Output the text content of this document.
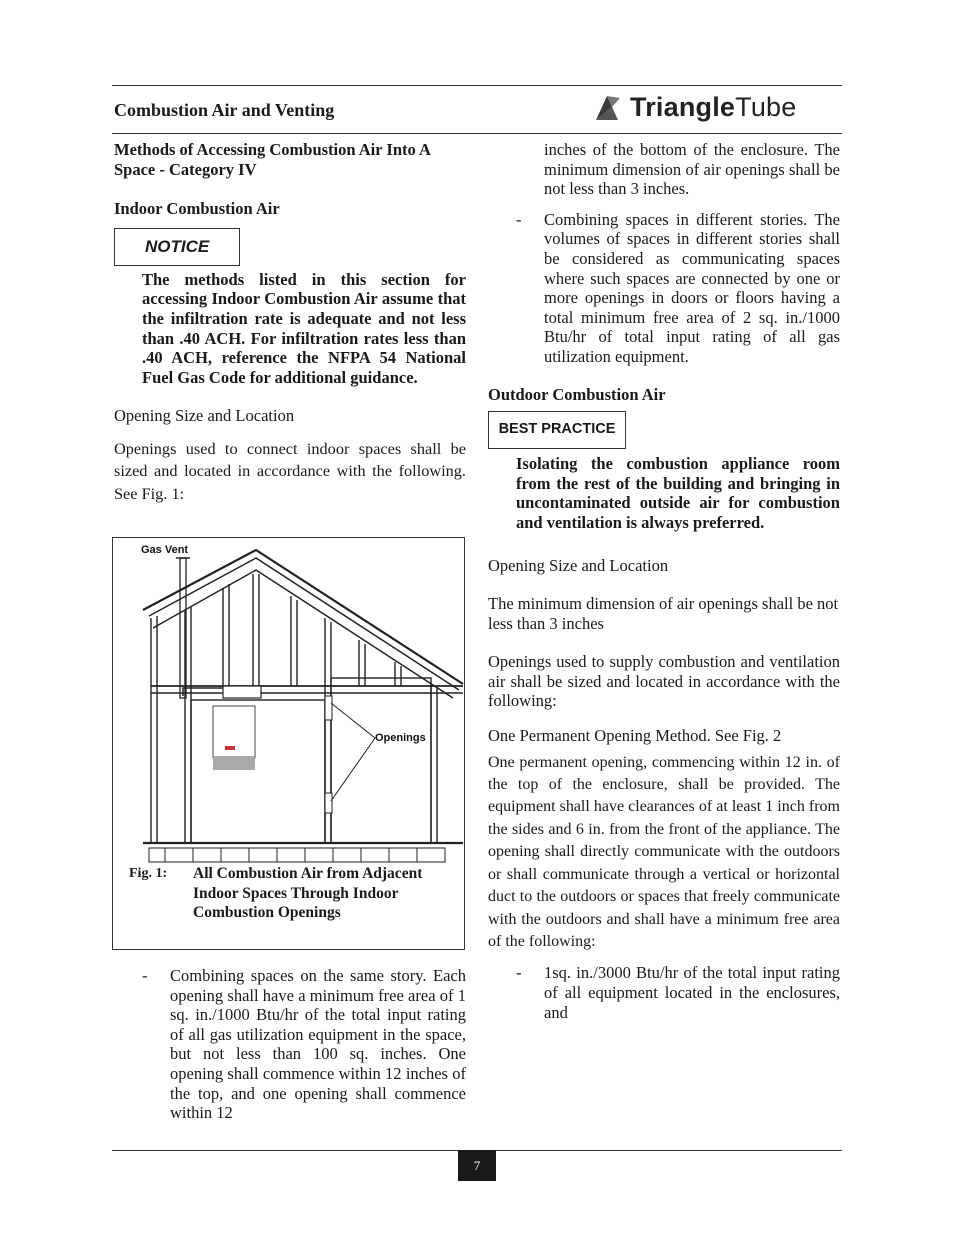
Combustion Air and Venting	TriangleTube

Methods of Accessing Combustion Air Into A Space - Category IV

Indoor Combustion Air

NOTICE

The methods listed in this section for accessing Indoor Combustion Air assume that the infiltration rate is adequate and not less than .40 ACH. For infiltration rates less than .40 ACH, reference the NFPA 54 National Fuel Gas Code for additional guidance.

Opening Size and Location

Openings used to connect indoor spaces shall be sized and located in accordance with the following. See Fig. 1:

Gas Vent
Openings
Fig. 1:	All Combustion Air from Adjacent Indoor Spaces Through Indoor Combustion Openings
-	Combining spaces on the same story. Each opening shall have a minimum free area of 1 sq. in./1000 Btu/hr of the total input rating of all gas utilization equipment in the space, but not less than 100 sq. inches. One opening shall commence within 12 inches of the top, and one opening shall commence within 12

inches of the bottom of the enclosure. The minimum dimension of air openings shall be not less than 3 inches.

-	Combining spaces in different stories. The volumes of spaces in different stories shall be considered as communicating spaces where such spaces are connected by one or more openings in doors or floors having a total minimum free area of 2 sq. in./1000 Btu/hr of total input rating of all gas utilization equipment.

Outdoor Combustion Air

BEST PRACTICE

Isolating the combustion appliance room from the rest of the building and bringing in uncontaminated outside air for combustion and ventilation is always preferred.

Opening Size and Location

The minimum dimension of air openings shall be not less than 3 inches

Openings used to supply combustion and ventilation air shall be sized and located in accordance with the following:

One Permanent Opening Method. See Fig. 2

One permanent opening, commencing within 12 in. of the top of the enclosure, shall be provided. The equipment shall have clearances of at least 1 inch from the sides and 6 in. from the front of the appliance. The opening shall directly communicate with the outdoors or shall communicate through a vertical or horizontal duct to the outdoors or spaces that freely communicate with the outdoors and shall have a minimum free area of the following:

-	1sq. in./3000 Btu/hr of the total input rating of all equipment located in the enclosures, and
7
